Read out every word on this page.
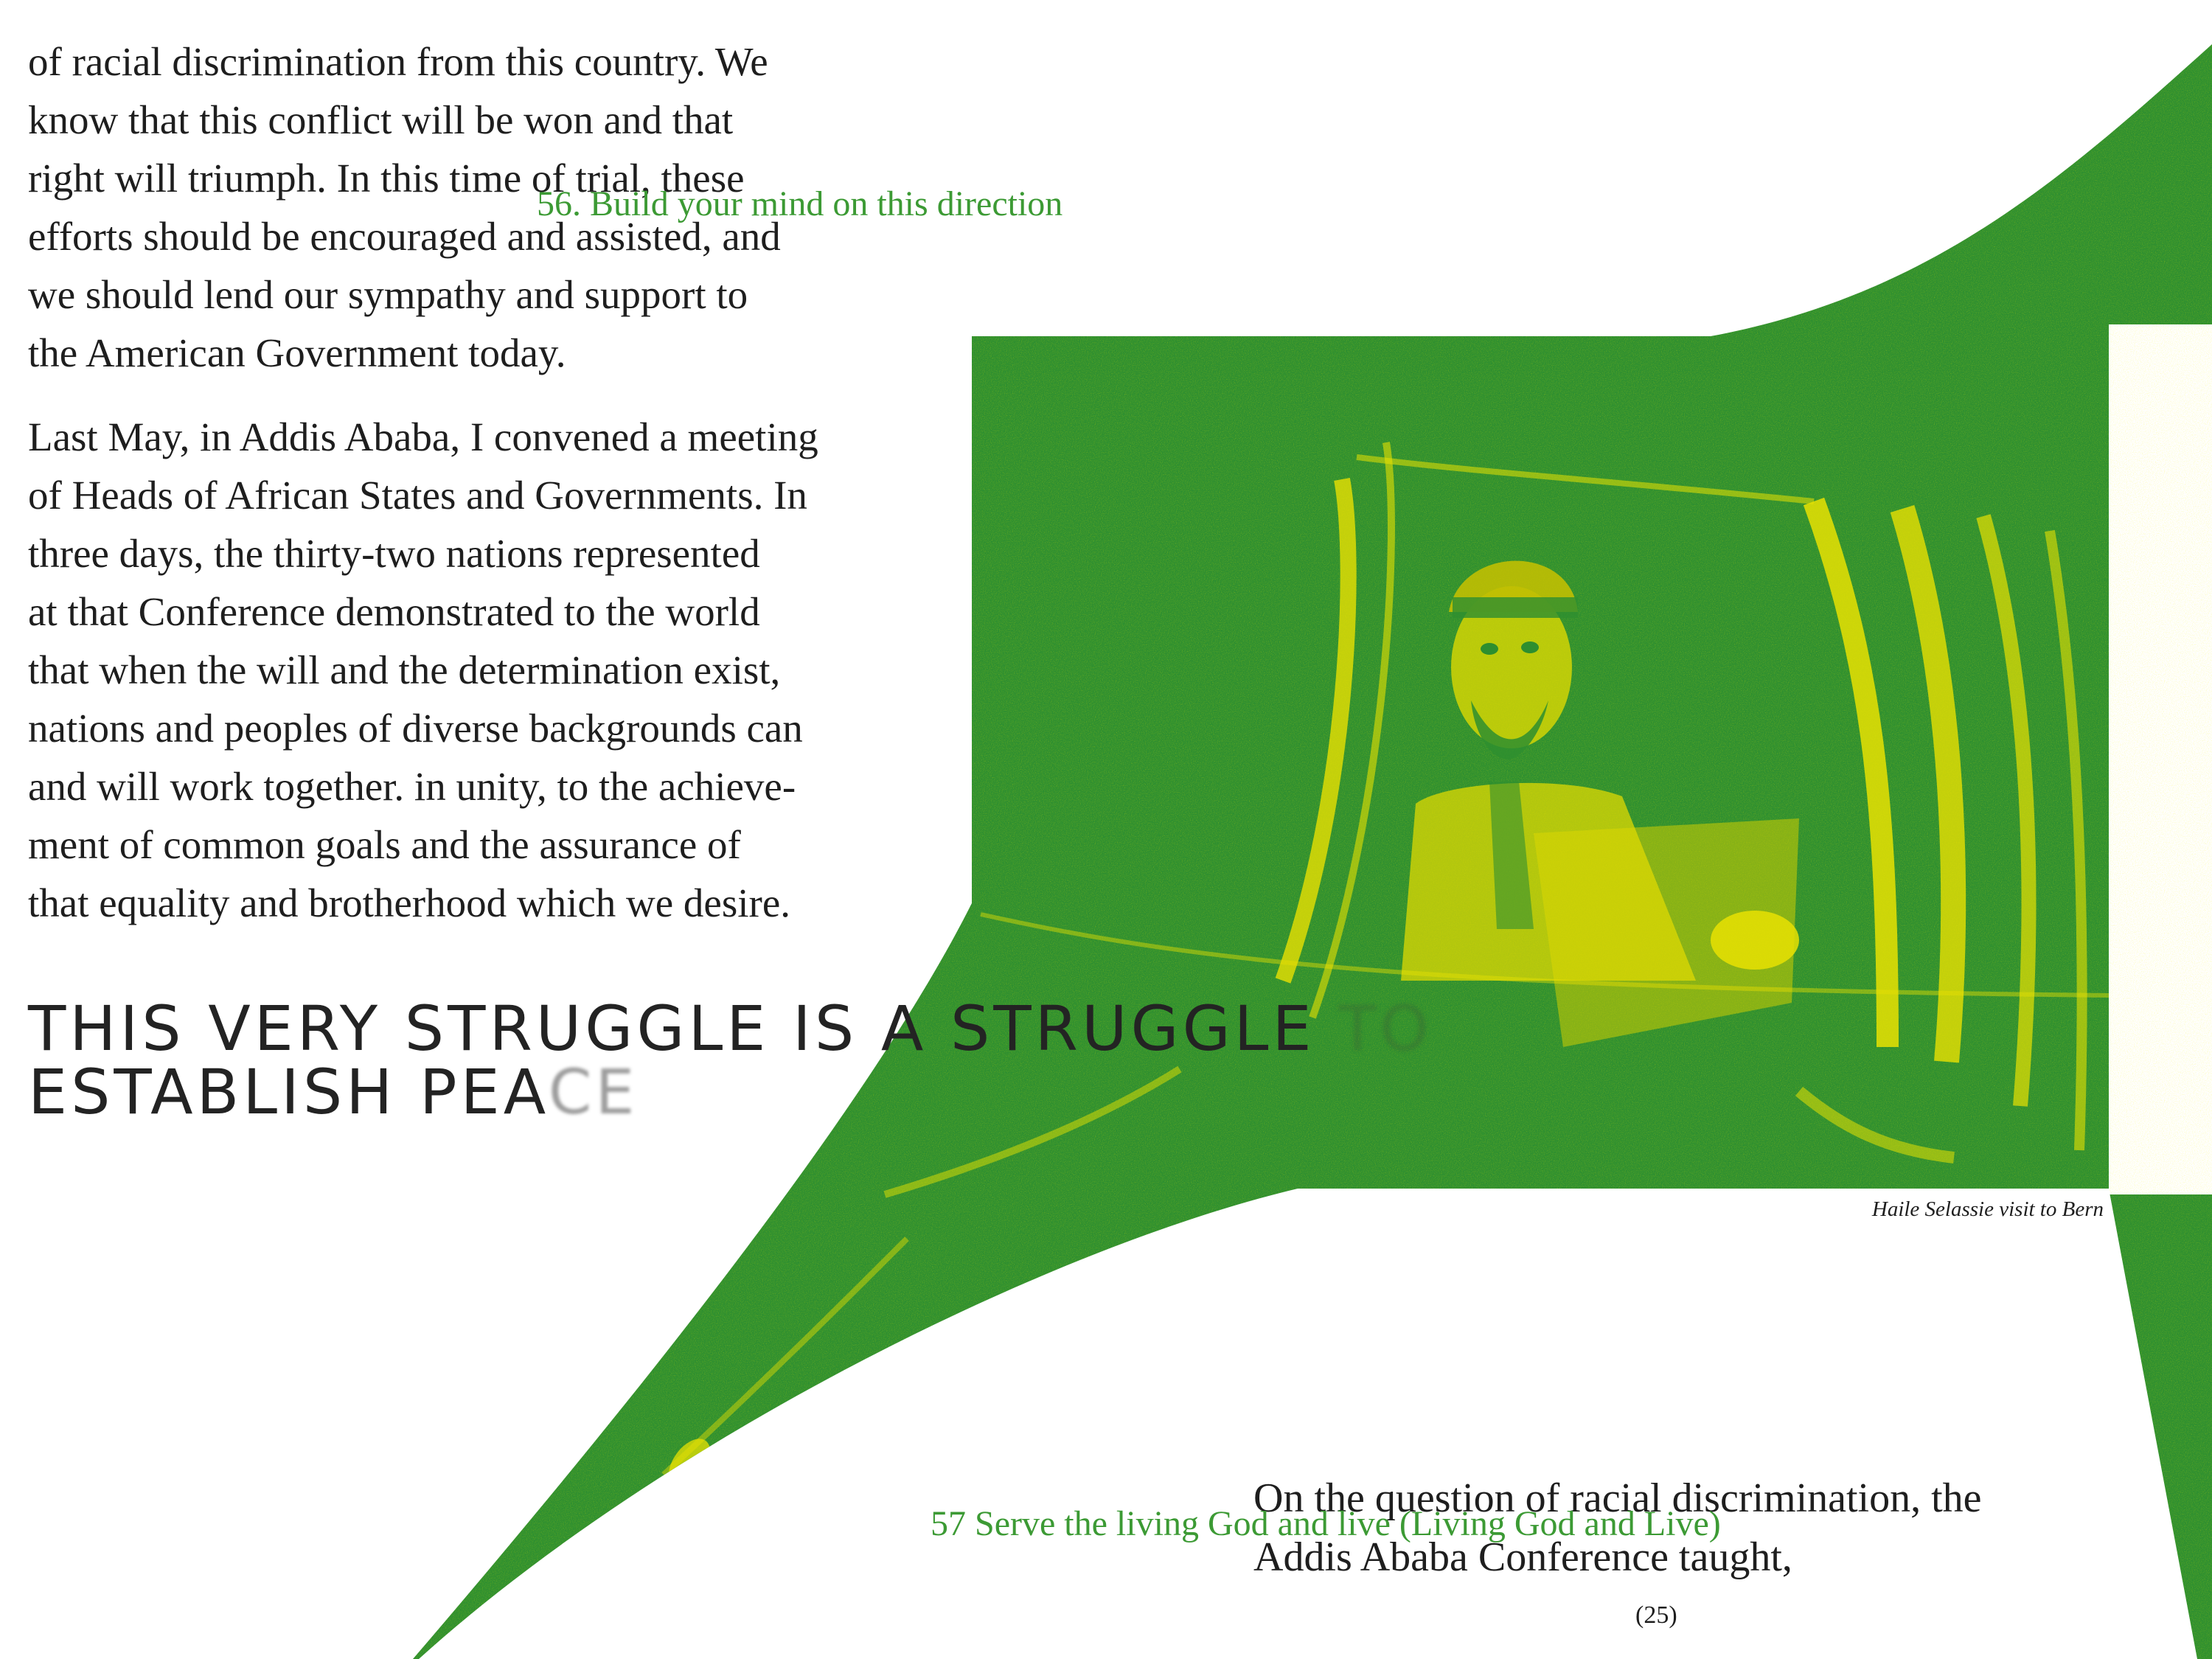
of racial discrimination from this country. We
know that this conflict will be won and that
right will triumph. In this time of trial, these
efforts should be encouraged and assisted, and
we should lend our sympathy and support to
the American Government today.
Last May, in Addis Ababa, I convened a meeting
of Heads of African States and Governments. In
three days, the thirty-two nations represented
at that Conference demonstrated to the world
that when the will and the determination exist,
nations and peoples of diverse backgrounds can
and will work together. in unity, to the achieve-
ment of common goals and the assurance of
that equality and brotherhood which we desire.

56. Build your mind on this direction

THIS VERY STRUGGLE IS A STRUGGLE TO
ESTABLISH PEACE

Haile Selassie visit to Bern

On the question of racial discrimination, the
Addis Ababa Conference taught,

57 Serve the living God and live (Living God and Live)

(25)
